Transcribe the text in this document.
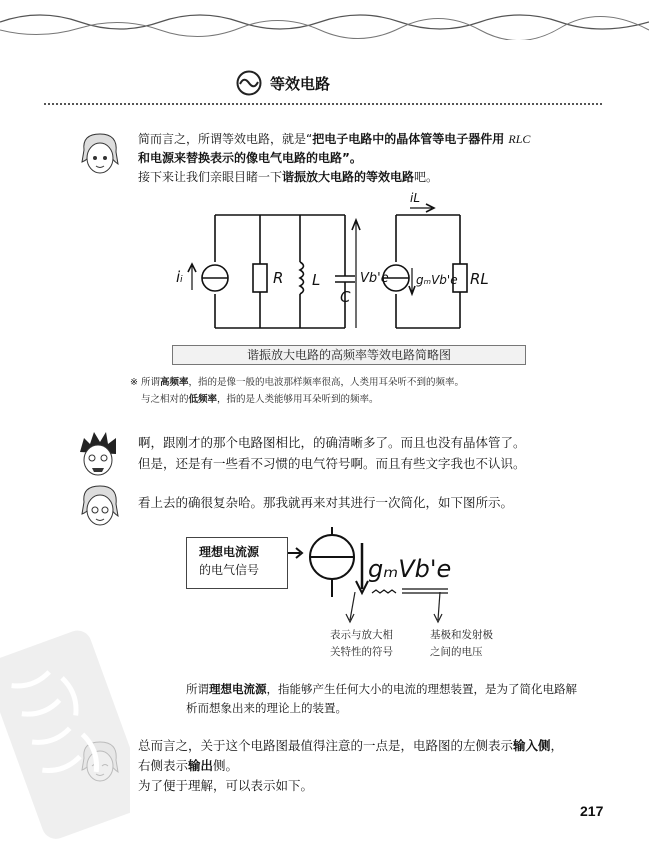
等效电路
简而言之，所谓等效电路，就是“把电子电路中的晶体管等电子器件用 RLC
和电源来替换表示的像电气电路的电路”。
接下来让我们亲眼目睹一下谐振放大电路的等效电路吧。
iᵢ	R L
C
Vb'e gₘVb'e RL
iL
谐振放大电路的高频率等效电路简略图
※ 所谓高频率，指的是像一般的电波那样频率很高，人类用耳朵听不到的频率。
与之相对的低频率，指的是人类能够用耳朵听到的频率。
啊，跟刚才的那个电路图相比，的确清晰多了。而且也没有晶体管了。
但是，还是有一些看不习惯的电气符号啊。而且有些文字我也不认识。
看上去的确很复杂哈。那我就再来对其进行一次简化，如下图所示。
理想电流源
的电气信号	gₘVb'e
表示与放大相
关特性的符号
基极和发射极
之间的电压
所谓理想电流源，指能够产生任何大小的电流的理想装置，是为了简化电路解
析而想象出来的理论上的装置。
总而言之，关于这个电路图最值得注意的一点是，电路图的左侧表示输入侧，
右侧表示输出侧。
为了便于理解，可以表示如下。
217
